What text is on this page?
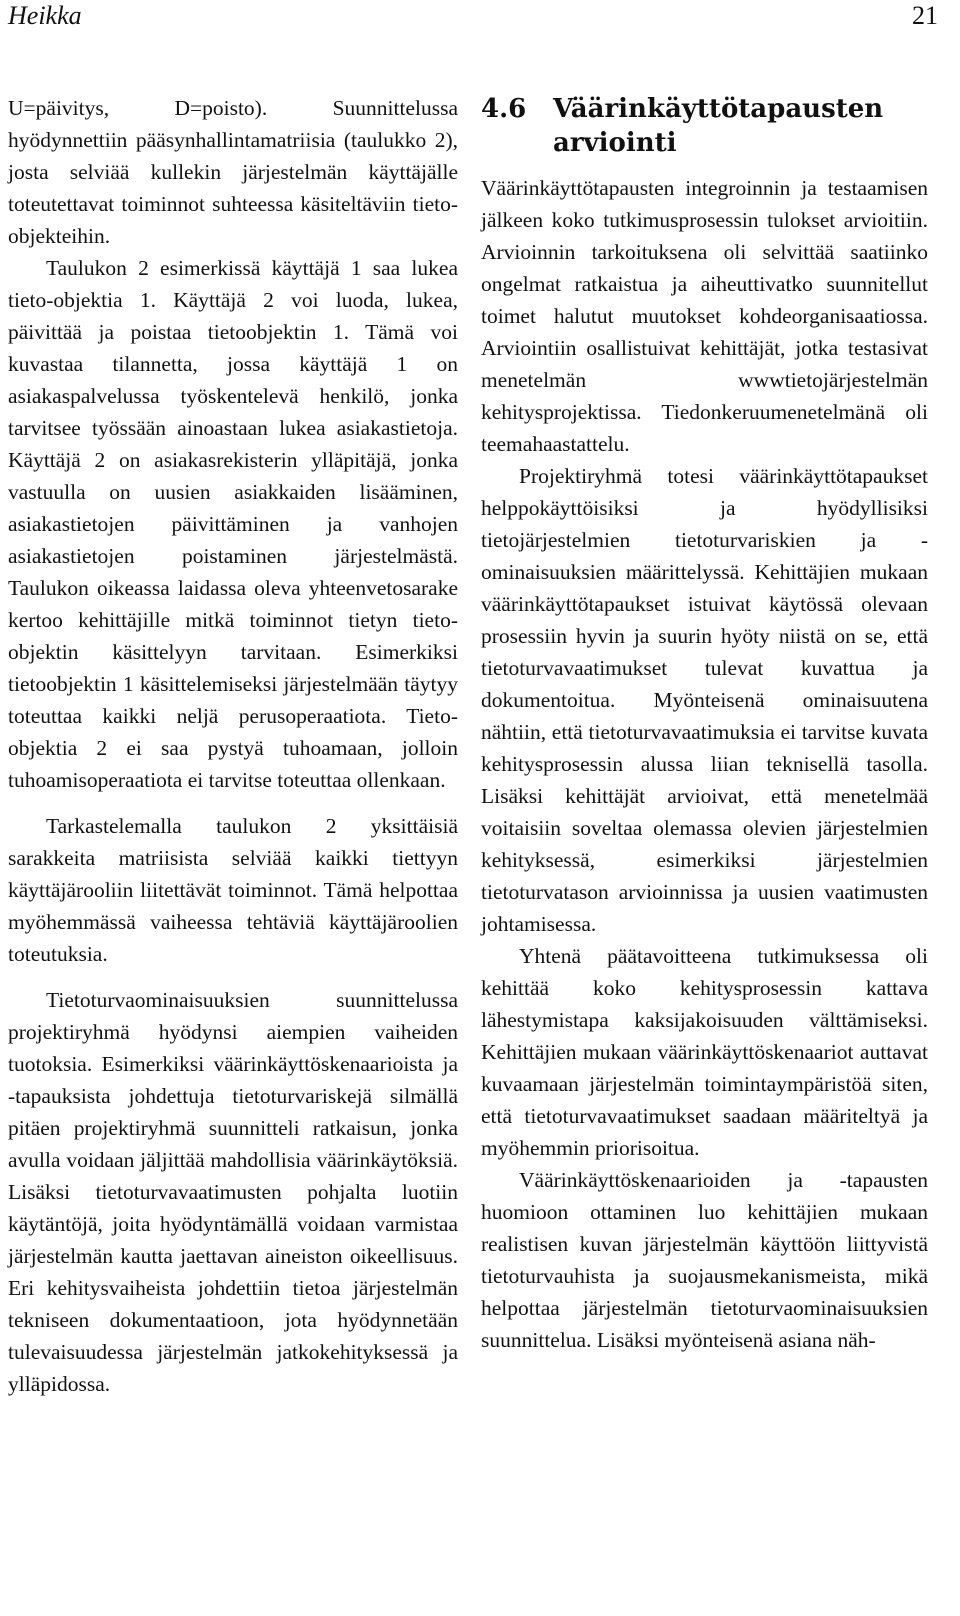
Heikka	21

U=päivitys, D=poisto). Suunnittelussa hyödynnettiin pääsynhallintamatriisia (taulukko 2), josta selviää kullekin järjestelmän käyttäjälle toteutettavat toiminnot suhteessa käsiteltäviin tieto-objekteihin.

Taulukon 2 esimerkissä käyttäjä 1 saa lukea tieto-objektia 1. Käyttäjä 2 voi luoda, lukea, päivittää ja poistaa tietoobjektin 1. Tämä voi kuvastaa tilannetta, jossa käyttäjä 1 on asiakaspalvelussa työskentelevä henkilö, jonka tarvitsee työssään ainoastaan lukea asiakastietoja. Käyttäjä 2 on asiakasrekisterin ylläpitäjä, jonka vastuulla on uusien asiakkaiden lisääminen, asiakastietojen päivittäminen ja vanhojen asiakastietojen poistaminen järjestelmästä. Taulukon oikeassa laidassa oleva yhteenvetosarake kertoo kehittäjille mitkä toiminnot tietyn tieto-objektin käsittelyyn tarvitaan. Esimerkiksi tietoobjektin 1 käsittelemiseksi järjestelmään täytyy toteuttaa kaikki neljä perusoperaatiota. Tieto-objektia 2 ei saa pystyä tuhoamaan, jolloin tuhoamisoperaatiota ei tarvitse toteuttaa ollenkaan.

Tarkastelemalla taulukon 2 yksittäisiä sarakkeita matriisista selviää kaikki tiettyyn käyttäjärooliin liitettävät toiminnot. Tämä helpottaa myöhemmässä vaiheessa tehtäviä käyttäjäroolien toteutuksia.

Tietoturvaominaisuuksien suunnittelussa projektiryhmä hyödynsi aiempien vaiheiden tuotoksia. Esimerkiksi väärinkäyttöskenaarioista ja -tapauksista johdettuja tietoturvariskejä silmällä pitäen projektiryhmä suunnitteli ratkaisun, jonka avulla voidaan jäljittää mahdollisia väärinkäytöksiä. Lisäksi tietoturvavaatimusten pohjalta luotiin käytäntöjä, joita hyödyntämällä voidaan varmistaa järjestelmän kautta jaettavan aineiston oikeellisuus. Eri kehitysvaiheista johdettiin tietoa järjestelmän tekniseen dokumentaatioon, jota hyödynnetään tulevaisuudessa järjestelmän jatkokehityksessä ja ylläpidossa.

4.6	Väärinkäyttötapausten arviointi

Väärinkäyttötapausten integroinnin ja testaamisen jälkeen koko tutkimusprosessin tulokset arvioitiin. Arvioinnin tarkoituksena oli selvittää saatiinko ongelmat ratkaistua ja aiheuttivatko suunnitellut toimet halutut muutokset kohdeorganisaatiossa. Arviointiin osallistuivat kehittäjät, jotka testasivat menetelmän wwwtietojärjestelmän kehitysprojektissa. Tiedonkeruumenetelmänä oli teemahaastattelu.

Projektiryhmä totesi väärinkäyttötapaukset helppokäyttöisiksi ja hyödyllisiksi tietojärjestelmien tietoturvariskien ja -ominaisuuksien määrittelyssä. Kehittäjien mukaan väärinkäyttötapaukset istuivat käytössä olevaan prosessiin hyvin ja suurin hyöty niistä on se, että tietoturvavaatimukset tulevat kuvattua ja dokumentoitua. Myönteisenä ominaisuutena nähtiin, että tietoturvavaatimuksia ei tarvitse kuvata kehitysprosessin alussa liian teknisellä tasolla. Lisäksi kehittäjät arvioivat, että menetelmää voitaisiin soveltaa olemassa olevien järjestelmien kehityksessä, esimerkiksi järjestelmien tietoturvatason arvioinnissa ja uusien vaatimusten johtamisessa.

Yhtenä päätavoitteena tutkimuksessa oli kehittää koko kehitysprosessin kattava lähestymistapa kaksijakoisuuden välttämiseksi. Kehittäjien mukaan väärinkäyttöskenaariot auttavat kuvaamaan järjestelmän toimintaympäristöä siten, että tietoturvavaatimukset saadaan määriteltyä ja myöhemmin priorisoitua.

Väärinkäyttöskenaarioiden ja -tapausten huomioon ottaminen luo kehittäjien mukaan realistisen kuvan järjestelmän käyttöön liittyvistä tietoturvauhista ja suojausmekanismeista, mikä helpottaa järjestelmän tietoturvaominaisuuksien suunnittelua. Lisäksi myönteisenä asiana näh-
